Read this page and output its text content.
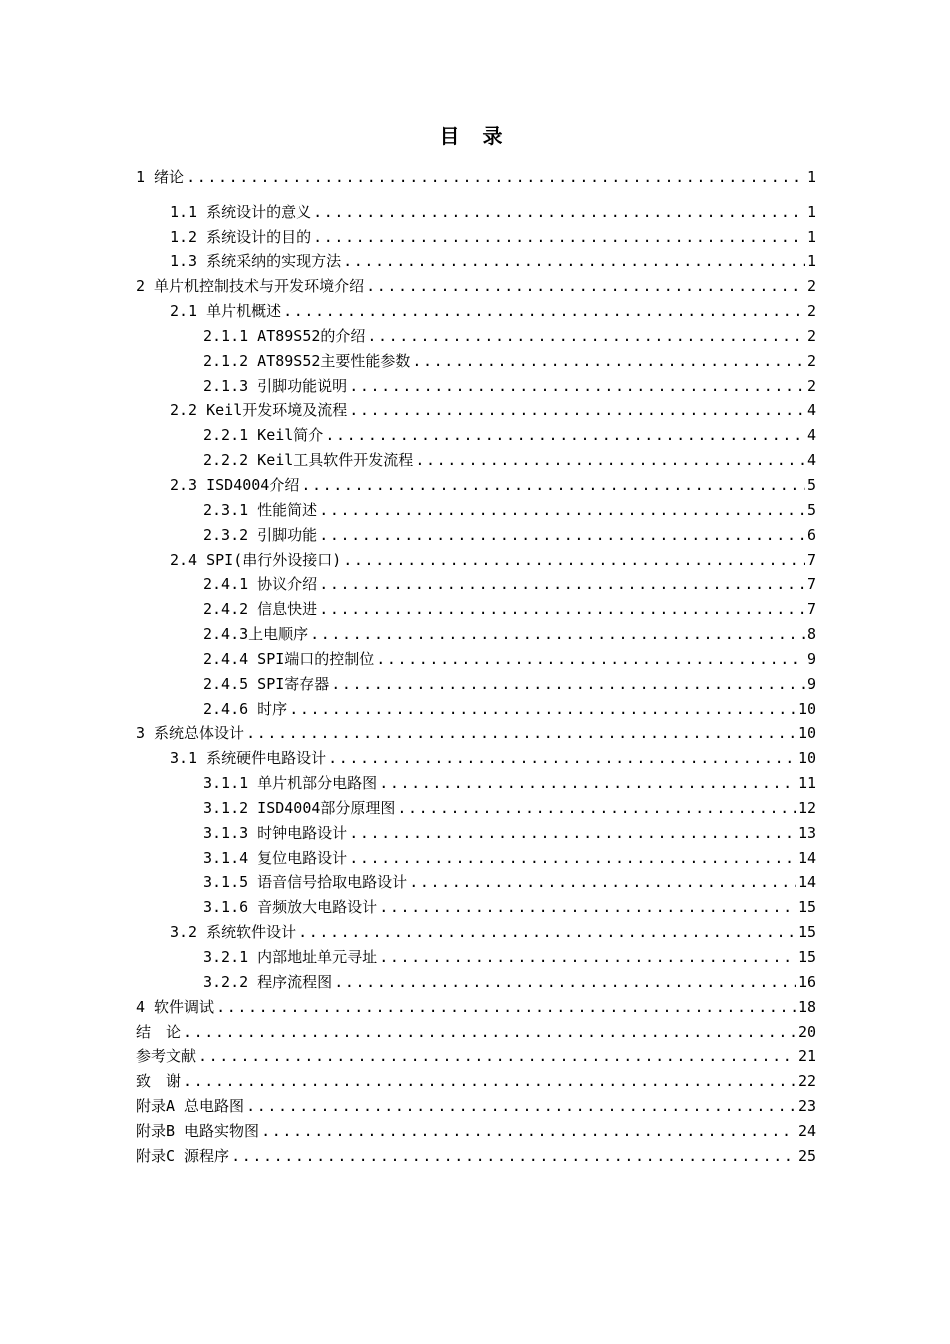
目 录
1 绪论 .....	1
1.1 系统设计的意义 .....	1
1.2 系统设计的目的 .....	1
1.3 系统采纳的实现方法 .....	1
2 单片机控制技术与开发环境介绍 .....	2
2.1 单片机概述 .....	2
2.1.1 AT89S52的介绍 .....	2
2.1.2 AT89S52主要性能参数 .....	2
2.1.3 引脚功能说明 .....	2
2.2 Keil开发环境及流程 .....	4
2.2.1 Keil简介 .....	4
2.2.2 Keil工具软件开发流程 .....	4
2.3 ISD4004介绍 .....	5
2.3.1 性能简述 .....	5
2.3.2 引脚功能 .....	6
2.4 SPI(串行外设接口) .....	7
2.4.1 协议介绍 .....	7
2.4.2 信息快进 .....	7
2.4.3上电顺序 .....	8
2.4.4 SPI端口的控制位 .....	9
2.4.5 SPI寄存器 .....	9
2.4.6 时序 .....	10
3 系统总体设计 .....	10
3.1 系统硬件电路设计 .....	10
3.1.1 单片机部分电路图 .....	11
3.1.2 ISD4004部分原理图 .....	12
3.1.3 时钟电路设计 .....	13
3.1.4 复位电路设计 .....	14
3.1.5 语音信号拾取电路设计 .....	14
3.1.6 音频放大电路设计 .....	15
3.2 系统软件设计 .....	15
3.2.1 内部地址单元寻址 .....	15
3.2.2 程序流程图 .....	16
4 软件调试 .....	18
结　论 .....	20
参考文献 .....	21
致　谢 .....	22
附录A 总电路图 .....	23
附录B 电路实物图 .....	24
附录C 源程序 .....	25
